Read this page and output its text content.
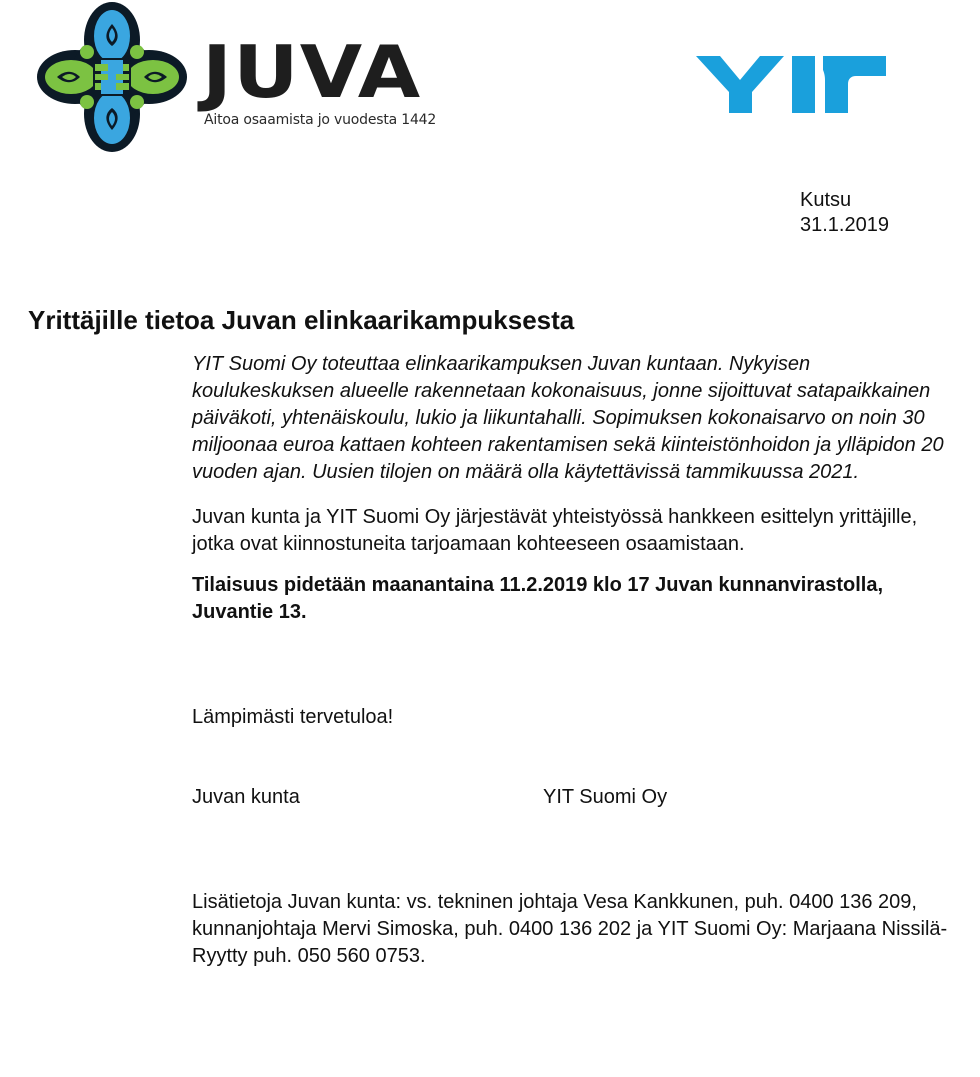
JUVA
Aitoa osaamista jo vuodesta 1442
Kutsu
31.1.2019
Yrittäjille tietoa Juvan elinkaarikampuksesta

YIT Suomi Oy toteuttaa elinkaarikampuksen Juvan kuntaan. Nykyisen koulukeskuksen alueelle rakennetaan kokonaisuus, jonne sijoittuvat satapaikkainen päiväkoti, yhtenäiskoulu, lukio ja liikuntahalli. Sopimuksen kokonaisarvo on noin 30 miljoonaa euroa kattaen kohteen rakentamisen sekä kiinteistönhoidon ja ylläpidon 20 vuoden ajan. Uusien tilojen on määrä olla käytettävissä tammikuussa 2021.

Juvan kunta ja YIT Suomi Oy järjestävät yhteistyössä hankkeen esittelyn yrittäjille, jotka ovat kiinnostuneita tarjoamaan kohteeseen osaamistaan.

Tilaisuus pidetään maanantaina 11.2.2019 klo 17 Juvan kunnanvirastolla, Juvantie 13.

Lämpimästi tervetuloa!
Juvan kunta	YIT Suomi Oy

Lisätietoja Juvan kunta: vs. tekninen johtaja Vesa Kankkunen, puh. 0400 136 209, kunnanjohtaja Mervi Simoska, puh. 0400 136 202 ja YIT Suomi Oy: Marjaana Nissilä-Ryytty puh. 050 560 0753.
